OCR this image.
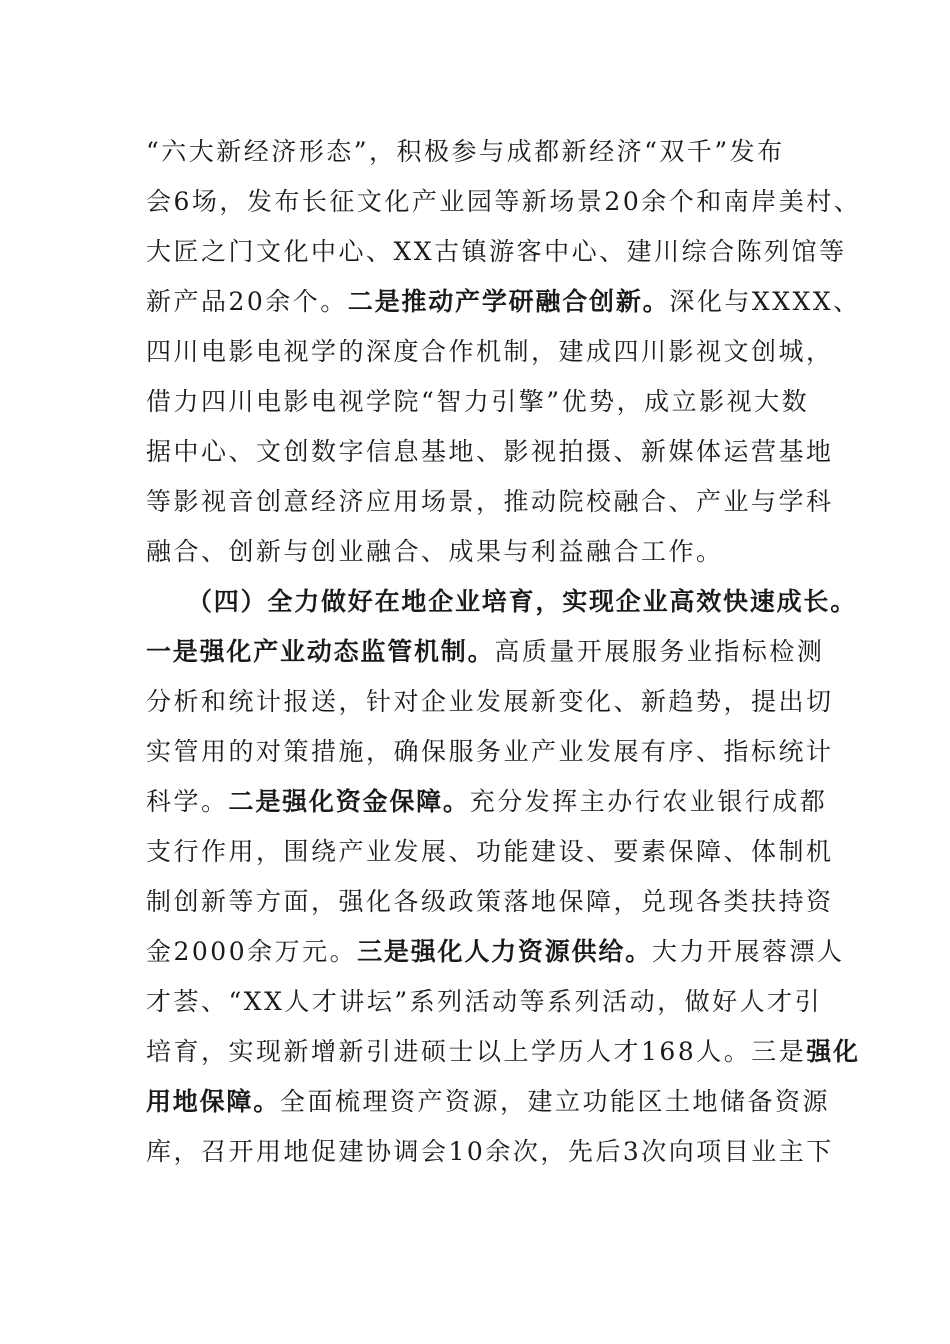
“六大新经济形态”，积极参与成都新经济“双千”发布
会6场，发布长征文化产业园等新场景20余个和南岸美村、
大匠之门文化中心、XX古镇游客中心、建川综合陈列馆等
新产品20余个。二是推动产学研融合创新。深化与XXXX、
四川电影电视学的深度合作机制，建成四川影视文创城，
借力四川电影电视学院“智力引擎”优势，成立影视大数
据中心、文创数字信息基地、影视拍摄、新媒体运营基地
等影视音创意经济应用场景，推动院校融合、产业与学科
融合、创新与创业融合、成果与利益融合工作。
（四）全力做好在地企业培育，实现企业高效快速成长。
一是强化产业动态监管机制。高质量开展服务业指标检测
分析和统计报送，针对企业发展新变化、新趋势，提出切
实管用的对策措施，确保服务业产业发展有序、指标统计
科学。二是强化资金保障。充分发挥主办行农业银行成都
支行作用，围绕产业发展、功能建设、要素保障、体制机
制创新等方面，强化各级政策落地保障，兑现各类扶持资
金2000余万元。三是强化人力资源供给。大力开展蓉漂人
才荟、“XX人才讲坛”系列活动等系列活动，做好人才引
培育，实现新增新引进硕士以上学历人才168人。三是强化
用地保障。全面梳理资产资源，建立功能区土地储备资源
库，召开用地促建协调会10余次，先后3次向项目业主下
